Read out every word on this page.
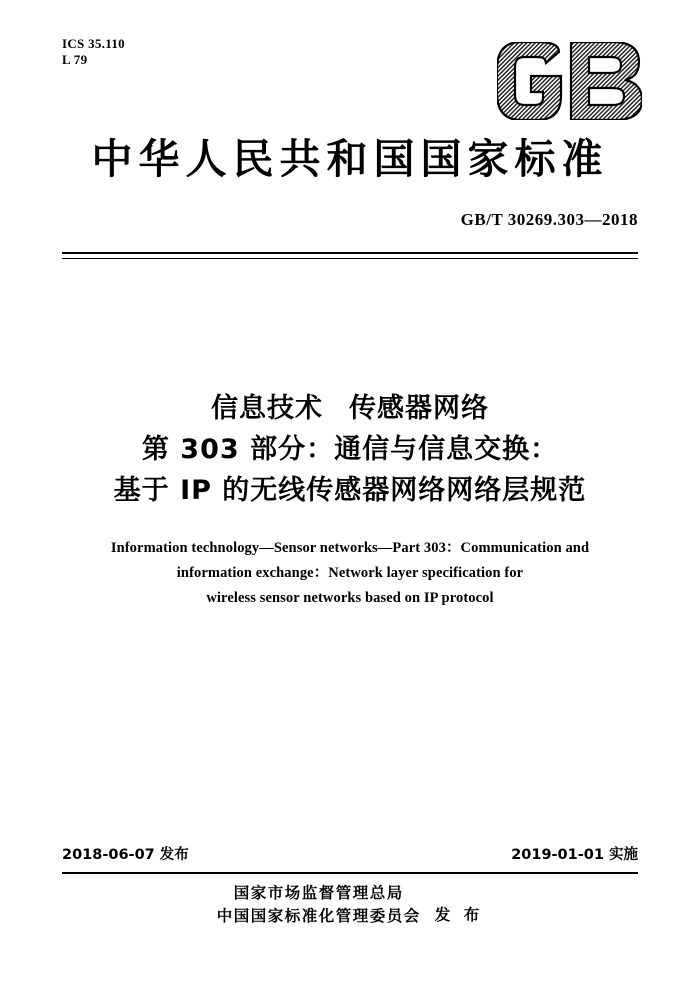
ICS 35.110
L 79
中华人民共和国国家标准
GB/T 30269.303—2018
信息技术 传感器网络
第 303 部分：通信与信息交换：
基于 IP 的无线传感器网络网络层规范
Information technology—Sensor networks—Part 303：Communication and
information exchange：Network layer specification for
wireless sensor networks based on IP protocol
2018-06-07 发布	2019-01-01 实施
国家市场监督管理总局
中国国家标准化管理委员会 发 布
